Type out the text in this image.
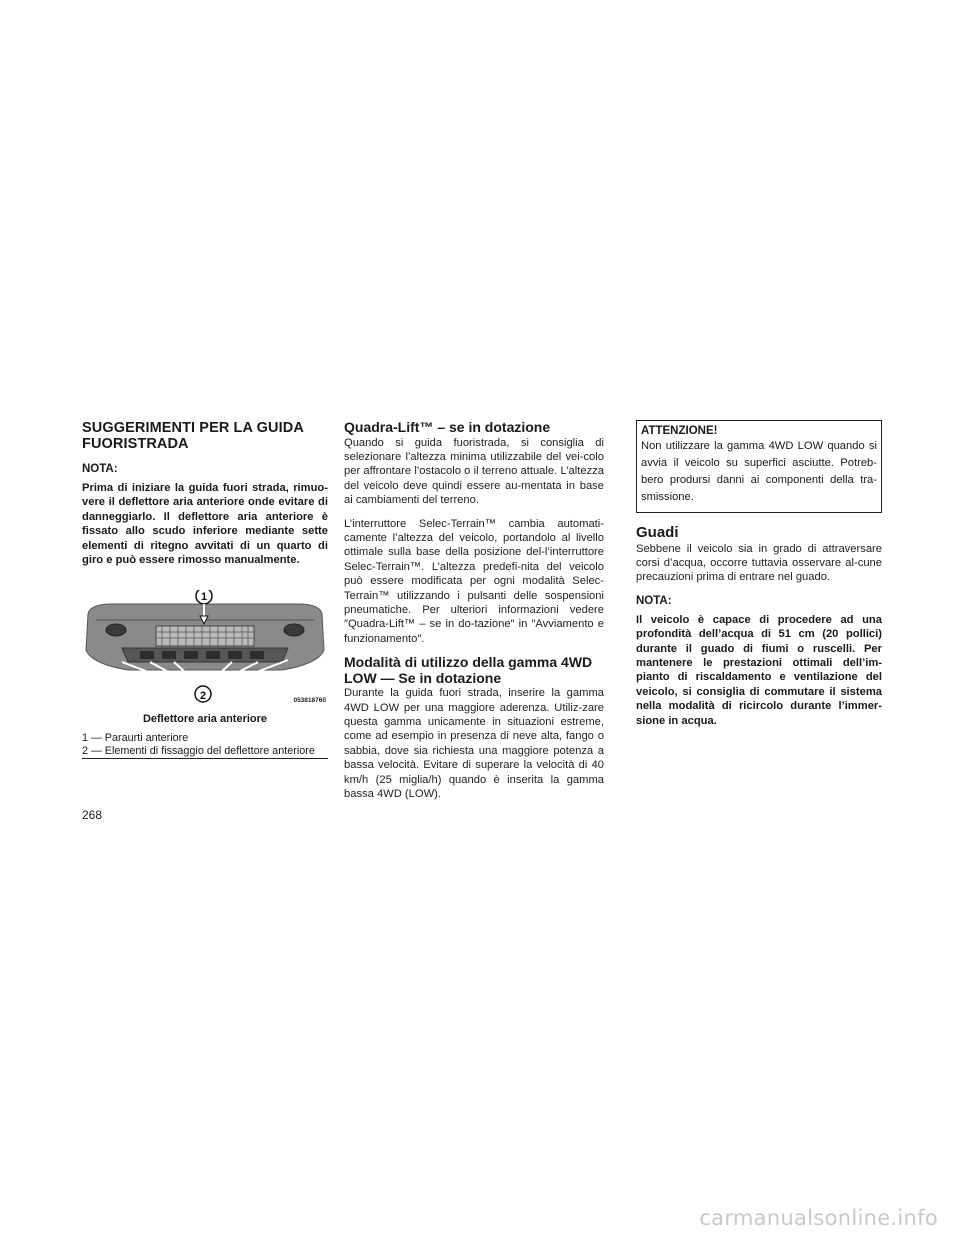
SUGGERIMENTI PER LA GUIDA FUORISTRADA
NOTA:

Prima di iniziare la guida fuori strada, rimuo-vere il deflettore aria anteriore onde evitare di danneggiarlo. Il deflettore aria anteriore è fissato allo scudo inferiore mediante sette elementi di ritegno avvitati di un quarto di giro e può essere rimosso manualmente.

2
1
053818760
Deflettore aria anteriore
1 — Paraurti anteriore
2 — Elementi di fissaggio del deflettore anteriore
Quadra-Lift™ – se in dotazione

Quando si guida fuoristrada, si consiglia di selezionare l’altezza minima utilizzabile del vei-colo per affrontare l’ostacolo o il terreno attuale. L’altezza del veicolo deve quindi essere au-mentata in base ai cambiamenti del terreno.

L’interruttore Selec-Terrain™ cambia automati-camente l’altezza del veicolo, portandolo al livello ottimale sulla base della posizione del-l’interruttore Selec-Terrain™. L’altezza predefi-nita del veicolo può essere modificata per ogni modalità Selec-Terrain™ utilizzando i pulsanti delle sospensioni pneumatiche. Per ulteriori informazioni vedere ″Quadra-Lift™ – se in do-tazione″ in ″Avviamento e funzionamento″.

Modalità di utilizzo della gamma 4WD LOW — Se in dotazione

Durante la guida fuori strada, inserire la gamma 4WD LOW per una maggiore aderenza. Utiliz-zare questa gamma unicamente in situazioni estreme, come ad esempio in presenza di neve alta, fango o sabbia, dove sia richiesta una maggiore potenza a bassa velocità. Evitare di superare la velocità di 40 km/h (25 miglia/h) quando è inserita la gamma bassa 4WD (LOW).

ATTENZIONE!
Non utilizzare la gamma 4WD LOW quando si avvia il veicolo su superfici asciutte. Potreb-bero prodursi danni ai componenti della tra-smissione.
Guadi

Sebbene il veicolo sia in grado di attraversare corsi d’acqua, occorre tuttavia osservare al-cune precauzioni prima di entrare nel guado.

NOTA:

Il veicolo è capace di procedere ad una profondità dell’acqua di 51 cm (20 pollici) durante il guado di fiumi o ruscelli. Per mantenere le prestazioni ottimali dell’im-pianto di riscaldamento e ventilazione del veicolo, si consiglia di commutare il sistema nella modalità di ricircolo durante l’immer-sione in acqua.

268
carmanualsonline.info
